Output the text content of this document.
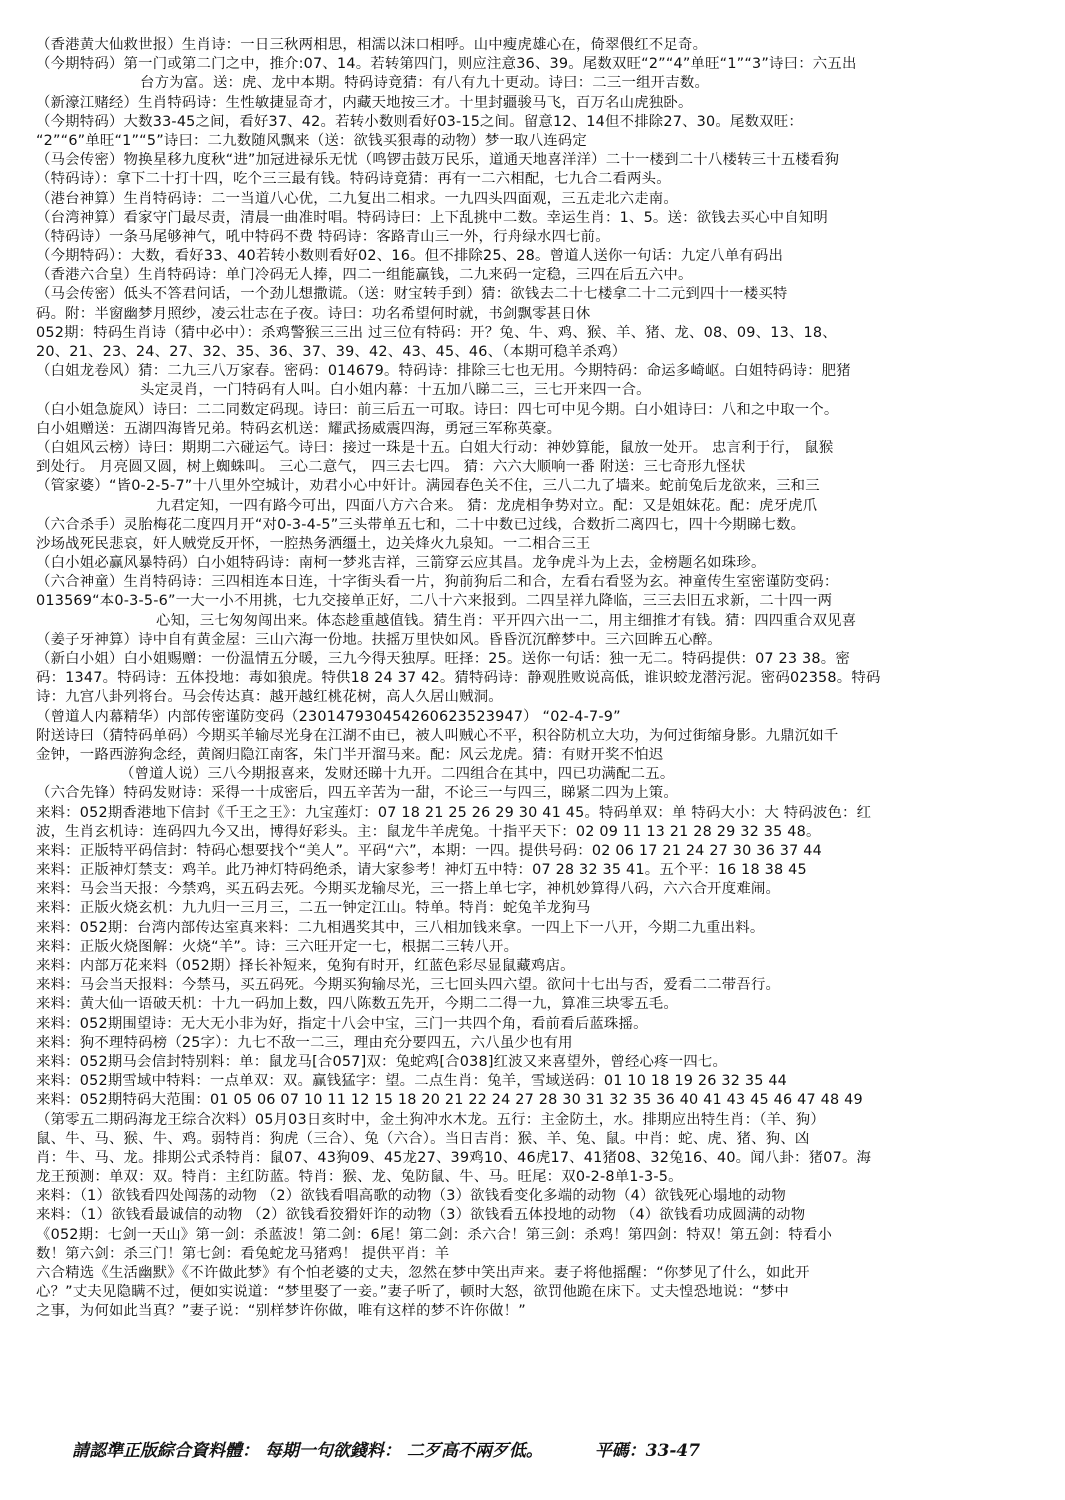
（香港黄大仙救世报）生肖诗：一日三秋两相思，相濡以沫口相呼。山中瘦虎雄心在，倚翠偎红不足奇。
（今期特码）第一门或第二门之中，推介:07、14。若转第四门，则应注意36、39。尾数双旺“2”“4”单旺“1”“3”诗曰：六五出
台方为富。送：虎、龙中本期。特码诗竟猜：有八有九十更动。诗曰：二三一组开吉数。
（新濠江赌经）生肖特码诗：生性敏捷显奇才，内藏天地按三才。十里封疆骏马飞，百万名山虎独卧。
（今期特码）大数33-45之间，看好37、42。若转小数则看好03-15之间。留意12、14但不排除27、30。尾数双旺：
“2”“6”单旺“1”“5”诗曰：二九数随风飘来（送：欲钱买狠毒的动物）梦一取八连码定
（马会传密）物换星移九度秋“进”加冠进禄乐无忧（鸣锣击鼓万民乐，道通天地喜洋洋）二十一楼到二十八楼转三十五楼看狗
（特码诗）：拿下二十打十四，吃个三三最有钱。特码诗竟猜：再有一二六相配，七九合二看两头。
（港台神算）生肖特码诗：二一当道八心优，二九复出二相求。一九四头四面观，三五走北六走南。
（台湾神算）看家守门最尽责，清晨一曲准时唱。特码诗曰：上下乱挑中二数。幸运生肖：1、5。送：欲钱去买心中自知明
（特码诗）一条马尾够神气，吼中特码不费 特码诗：客路青山三一外，行舟绿水四七前。
（今期特码）：大数，看好33、40若转小数则看好02、16。但不排除25、28。曾道人送你一句话：九定八单有码出
（香港六合皇）生肖特码诗：单门冷码无人捧，四二一组能赢钱，二九来码一定稳，三四在后五六中。
（马会传密）低头不答君问话，一个劲儿想撒谎。（送：财宝转手到）猜：欲钱去二十七楼拿二十二元到四十一楼买特
码。附：半窗幽梦月照纱，凌云壮志在子夜。诗曰：功名希望何时就，书剑飘零甚日休
052期：特码生肖诗（猜中必中）：杀鸡警猴三三出 过三位有特码：开？兔、牛、鸡、猴、羊、猪、龙、08、09、13、18、
20、21、23、24、27、32、35、36、37、39、42、43、45、46、（本期可稳羊杀鸡）
（白姐龙卷风）猜：二九三八万家春。密码：014679。特码诗：排除三七也无用。今期特码：命运多崎岖。白姐特码诗：肥猪
头定灵肖，一门特码有人叫。白小姐内幕：十五加八睇二三，三七开来四一合。
（白小姐急旋风）诗曰：二二同数定码现。诗曰：前三后五一可取。诗曰：四七可中见今期。白小姐诗曰：八和之中取一个。
白小姐赠送：五湖四海皆兄弟。特码玄机送：耀武扬威震四海，勇冠三军称英豪。
（白姐风云榜）诗曰：期期二六碰运气。诗曰：接过一珠是十五。白姐大行动：神妙算能，鼠放一处开。 忠言利于行， 鼠猴
到处行。 月亮圆又圆，树上蜘蛛叫。 三心二意气， 四三去七四。 猜：六六大顺响一番 附送：三七奇形九怪状
（管家婆）“皆0-2-5-7”十八里外空城计，劝君小心中奸计。满园春色关不住，三八二九了墙来。蛇前兔后龙欲来，三和三
九君定知，一四有路今可出，四面八方六合来。 猜：龙虎相争势对立。配：又是姐妹花。配：虎牙虎爪
（六合杀手）灵胎梅花二度四月开“对0-3-4-5”三头带单五七和，二十中数已过线，合数折二离四七，四十今期睇七数。
沙场战死民悲哀，奸人贼党反开怀，一腔热务洒缰土，边关烽火九泉知。一二相合三王
（白小姐必赢风暴特码）白小姐特码诗：南柯一梦兆吉祥，三箭穿云应其昌。龙争虎斗为上去，金榜题名如珠珍。
（六合神童）生肖特码诗：三四相连本日连，十字街头看一片，狗前狗后二和合，左看右看竖为玄。神童传生室密谨防变码：
013569“本0-3-5-6”一大一小不用挑，七九交接单正好，二八十六来报到。二四呈祥九降临，三三去旧五求新，二十四一两
心知，三七匆匆闯出来。体态趁重越值钱。猜生肖：平开四六出一二，用主细推才有钱。猜：四四重合双见喜
（姜子牙神算）诗中自有黄金屋：三山六海一份地。扶摇万里快如风。昏昏沉沉醉梦中。三六回眸五心醉。
（新白小姐）白小姐赐赠：一份温情五分暖，三九今得天独厚。旺择：25。送你一句话：独一无二。特码提供：07 23 38。密
码：1347。特码诗：五体投地：毒如狼虎。特供18 24 37 42。猜特码诗：静观胜败说高低，谁识蛟龙潜污泥。密码02358。特码
诗：九宫八卦列将台。马会传达真：越开越红桃花树，高人久居山贼洞。
（曾道人内幕精华）内部传密谨防变码（230147930454260623523947） “02-4-7-9”
附送诗曰（猜特码单码）今期买羊输尽光身在江湖不由已，被人叫贼心不平，积谷防机立大功，为何过街缩身影。九鼎沉如千
金钟，一路西游狗念经，黄阁归隐江南客，朱门半开溜马来。配：风云龙虎。猜：有财开奖不怕迟
（曾道人说）三八今期报喜来，发财还睇十九开。二四组合在其中，四已功满配二五。
（六合先锋）特码发财诗：采得一十成密后，四五辛苦为一甜，不论三一与四三，睇紧二四为上策。
来料：052期香港地下信封《千王之王》：九宝莲灯：07 18 21 25 26 29 30 41 45。特码单双：单 特码大小：大 特码波色：红
波，生肖玄机诗：连码四九今又出，博得好彩头。主：鼠龙牛羊虎兔。十指平天下：02 09 11 13 21 28 29 32 35 48。
来料：正版特平码信封：特码心想要找个“美人”。平码“六”，本期：一四。提供号码：02 06 17 21 24 27 30 36 37 44
来料：正版神灯禁支：鸡羊。此乃神灯特码绝杀，请大家参考！神灯五中特：07 28 32 35 41。五个平：16 18 38 45
来料：马会当天报：今禁鸡，买五码去死。今期买龙输尽光，三一搭上单七字，神机妙算得八码，六六合开度难闹。
来料：正版火烧玄机：九九归一三月三，二五一钟定江山。特单。特肖：蛇兔羊龙狗马
来料：052期：台湾内部传达室真来料：二九相遇奖其中，三八相加钱来拿。一四上下一八开，今期二九重出料。
来料：正版火烧图解：火烧“羊”。诗：三六旺开定一七，根据二三转八开。
来料：内部万花来料（052期）择长补短来，兔狗有时开，红蓝色彩尽显鼠藏鸡店。
来料：马会当天报料：今禁马，买五码死。今期买狗输尽光，三七回头四六望。欲问十七出与否，爱看二二带吾行。
来料：黄大仙一语破天机：十九一码加上数，四八陈数五先开，今期二二得一九，算准三块零五毛。
来料：052期围望诗：无大无小非为好，指定十八会中宝，三门一共四个角，看前看后蓝珠摇。
来料：狗不理特码榜（25字）：九七不敌一二三，理由充分要四五，六八虽少也有用
来料：052期马会信封特别料：单：鼠龙马[合057]双：兔蛇鸡[合038]红波又来喜望外，曾经心疼一四七。
来料：052期雪域中特料：一点单双：双。赢钱猛字：望。二点生肖：兔羊，雪域送码：01 10 18 19 26 32 35 44
来料：052期特码大范围：01 05 06 07 10 11 12 15 18 20 21 22 24 27 28 30 31 32 35 36 40 41 43 45 46 47 48 49
（第零五二期码海龙王综合次料）05月03日亥时中，金土狗冲水木龙。五行：主金防土，水。排期应出特生肖：（羊、狗）
鼠、牛、马、猴、牛、鸡。弱特肖：狗虎（三合）、兔（六合）。当日吉肖：猴、羊、兔、鼠。中肖：蛇、虎、猪、狗、凶
肖：牛、马、龙。排期公式杀特肖：鼠07、43狗09、45龙27、39鸡10、46虎17、41猪08、32兔16、40。闻八卦：猪07。海
龙王预测：单双：双。特肖：主红防蓝。特肖：猴、龙、兔防鼠、牛、马。旺尾：双0-2-8单1-3-5。
来料：（1）欲钱看四处闯荡的动物 （2）欲钱看唱高歌的动物（3）欲钱看变化多端的动物（4）欲钱死心塌地的动物
来料：（1）欲钱看最诚信的动物 （2）欲钱看狡猾奸诈的动物（3）欲钱看五体投地的动物 （4）欲钱看功成圆满的动物
《052期：七剑一天山》第一剑：杀蓝波！第二剑：6尾！第二剑：杀六合！第三剑：杀鸡！第四剑：特双！第五剑：特看小
数！第六剑：杀三门！第七剑：看兔蛇龙马猪鸡！ 提供平肖：羊
六合精选《生活幽默》《不许做此梦》有个怕老婆的丈夫，忽然在梦中笑出声来。妻子将他摇醒：“你梦见了什么，如此开
心？”丈夫见隐瞒不过，便如实说道：“梦里娶了一妾。”妻子听了，顿时大怒，欲罚他跪在床下。丈夫惶恐地说：“梦中
之事，为何如此当真？”妻子说：“别样梦许你做，唯有这样的梦不许你做！”
請認準正版綜合資料體： 每期一句欲錢料： 二歹高不兩歹低。	平碼：33-47
